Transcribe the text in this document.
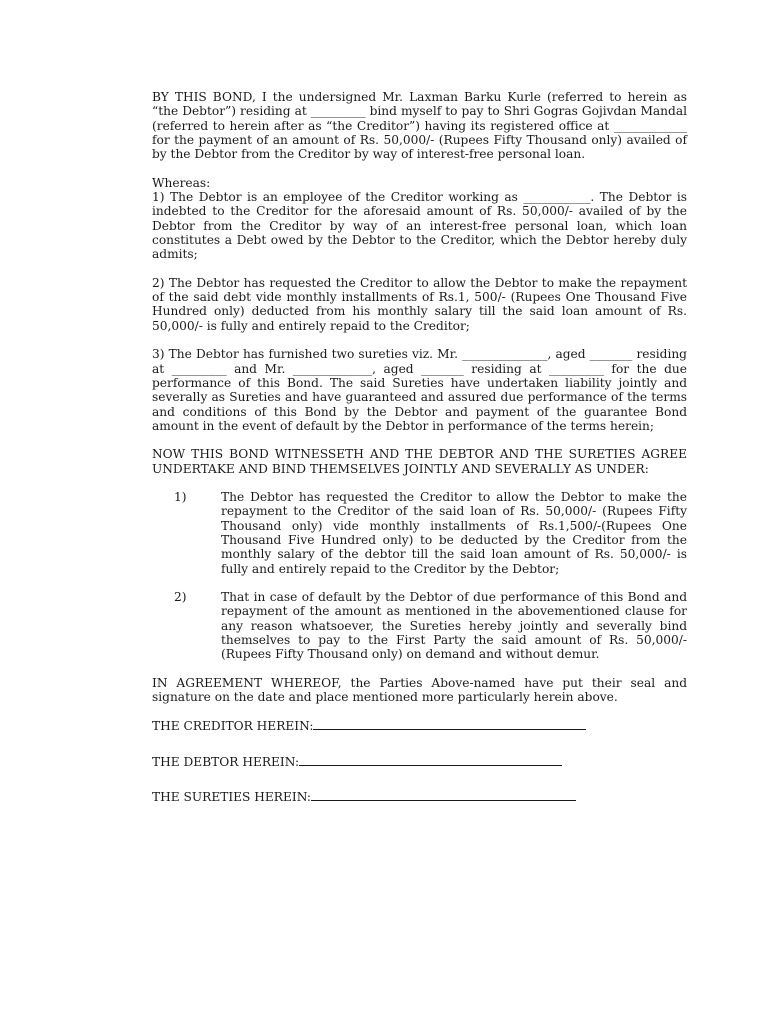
BY THIS BOND, I the undersigned Mr. Laxman Barku Kurle (referred to herein as “the Debtor”) residing at _________ bind myself to pay to Shri Gogras Gojivdan Mandal (referred to herein after as “the Creditor”) having its registered office at ____________ for the payment of an amount of Rs. 50,000/- (Rupees Fifty Thousand only) availed of by the Debtor from the Creditor by way of interest-free personal loan.

Whereas:

1) The Debtor is an employee of the Creditor working as ___________. The Debtor is indebted to the Creditor for the aforesaid amount of Rs. 50,000/- availed of by the Debtor from the Creditor by way of an interest-free personal loan, which loan constitutes a Debt owed by the Debtor to the Creditor, which the Debtor hereby duly admits;

2) The Debtor has requested the Creditor to allow the Debtor to make the repayment of the said debt vide monthly installments of Rs.1, 500/- (Rupees One Thousand Five Hundred only) deducted from his monthly salary till the said loan amount of Rs. 50,000/- is fully and entirely repaid to the Creditor;

3) The Debtor has furnished two sureties viz. Mr. ______________, aged _______ residing at _________ and Mr. _____________, aged _______ residing at _________ for the due performance of this Bond. The said Sureties have undertaken liability jointly and severally as Sureties and have guaranteed and assured due performance of the terms and conditions of this Bond by the Debtor and payment of the guarantee Bond amount in the event of default by the Debtor in performance of the terms herein;

NOW THIS BOND WITNESSETH AND THE DEBTOR AND THE SURETIES AGREE UNDERTAKE AND BIND THEMSELVES JOINTLY AND SEVERALLY AS UNDER:

1)	The Debtor has requested the Creditor to allow the Debtor to make the repayment to the Creditor of the said loan of Rs. 50,000/- (Rupees Fifty Thousand only) vide monthly installments of Rs.1,500/-(Rupees One Thousand Five Hundred only) to be deducted by the Creditor from the monthly salary of the debtor till the said loan amount of Rs. 50,000/- is fully and entirely repaid to the Creditor by the Debtor;
2)	That in case of default by the Debtor of due performance of this Bond and repayment of the amount as mentioned in the abovementioned clause for any reason whatsoever, the Sureties hereby jointly and severally bind themselves to pay to the First Party the said amount of Rs. 50,000/- (Rupees Fifty Thousand only) on demand and without demur.

IN AGREEMENT WHEREOF, the Parties Above-named have put their seal and signature on the date and place mentioned more particularly herein above.

THE CREDITOR HEREIN:
THE DEBTOR HEREIN:
THE SURETIES HEREIN:
